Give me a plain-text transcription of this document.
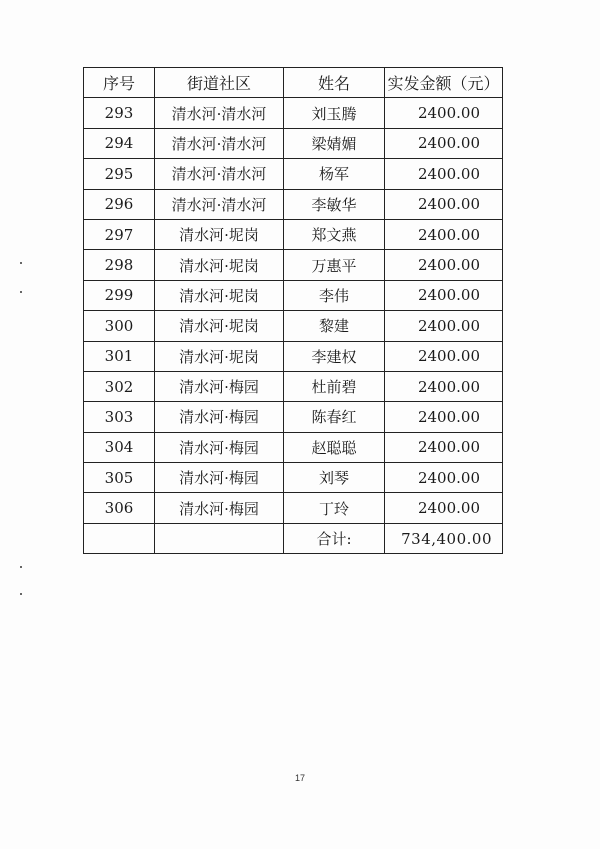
序号	街道社区	姓名	实发金额（元）
293	清水河·清水河	刘玉腾	2400.00
294	清水河·清水河	梁婧媚	2400.00
295	清水河·清水河	杨军	2400.00
296	清水河·清水河	李敏华	2400.00
297	清水河·坭岗	郑文燕	2400.00
298	清水河·坭岗	万惠平	2400.00
299	清水河·坭岗	李伟	2400.00
300	清水河·坭岗	黎建	2400.00
301	清水河·坭岗	李建权	2400.00
302	清水河·梅园	杜前碧	2400.00
303	清水河·梅园	陈春红	2400.00
304	清水河·梅园	赵聪聪	2400.00
305	清水河·梅园	刘琴	2400.00
306	清水河·梅园	丁玲	2400.00
		合计:	734,400.00
17
